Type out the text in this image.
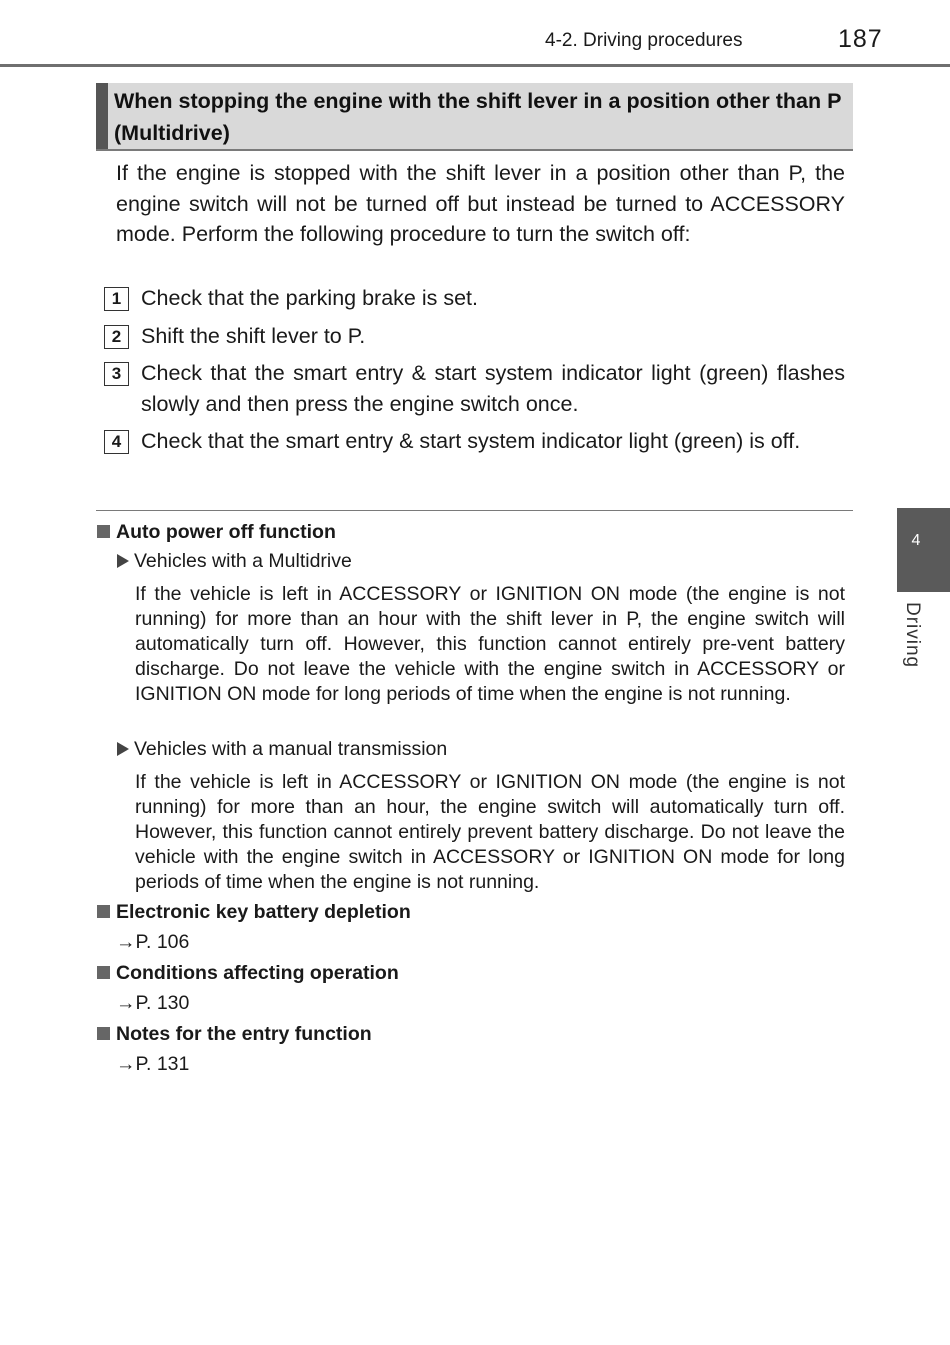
4-2. Driving procedures	187
When stopping the engine with the shift lever in a position other than P (Multidrive)
If the engine is stopped with the shift lever in a position other than P, the engine switch will not be turned off but instead be turned to ACCESSORY mode. Perform the following procedure to turn the switch off:
1 Check that the parking brake is set.
2 Shift the shift lever to P.
3 Check that the smart entry & start system indicator light (green) flashes slowly and then press the engine switch once.
4 Check that the smart entry & start system indicator light (green) is off.
Auto power off function
Vehicles with a Multidrive
If the vehicle is left in ACCESSORY or IGNITION ON mode (the engine is not running) for more than an hour with the shift lever in P, the engine switch will automatically turn off. However, this function cannot entirely pre-vent battery discharge. Do not leave the vehicle with the engine switch in ACCESSORY or IGNITION ON mode for long periods of time when the engine is not running.
Vehicles with a manual transmission
If the vehicle is left in ACCESSORY or IGNITION ON mode (the engine is not running) for more than an hour, the engine switch will automatically turn off. However, this function cannot entirely prevent battery discharge. Do not leave the vehicle with the engine switch in ACCESSORY or IGNITION ON mode for long periods of time when the engine is not running.
Electronic key battery depletion
→P. 106
Conditions affecting operation
→P. 130
Notes for the entry function
→P. 131
4
Driving
